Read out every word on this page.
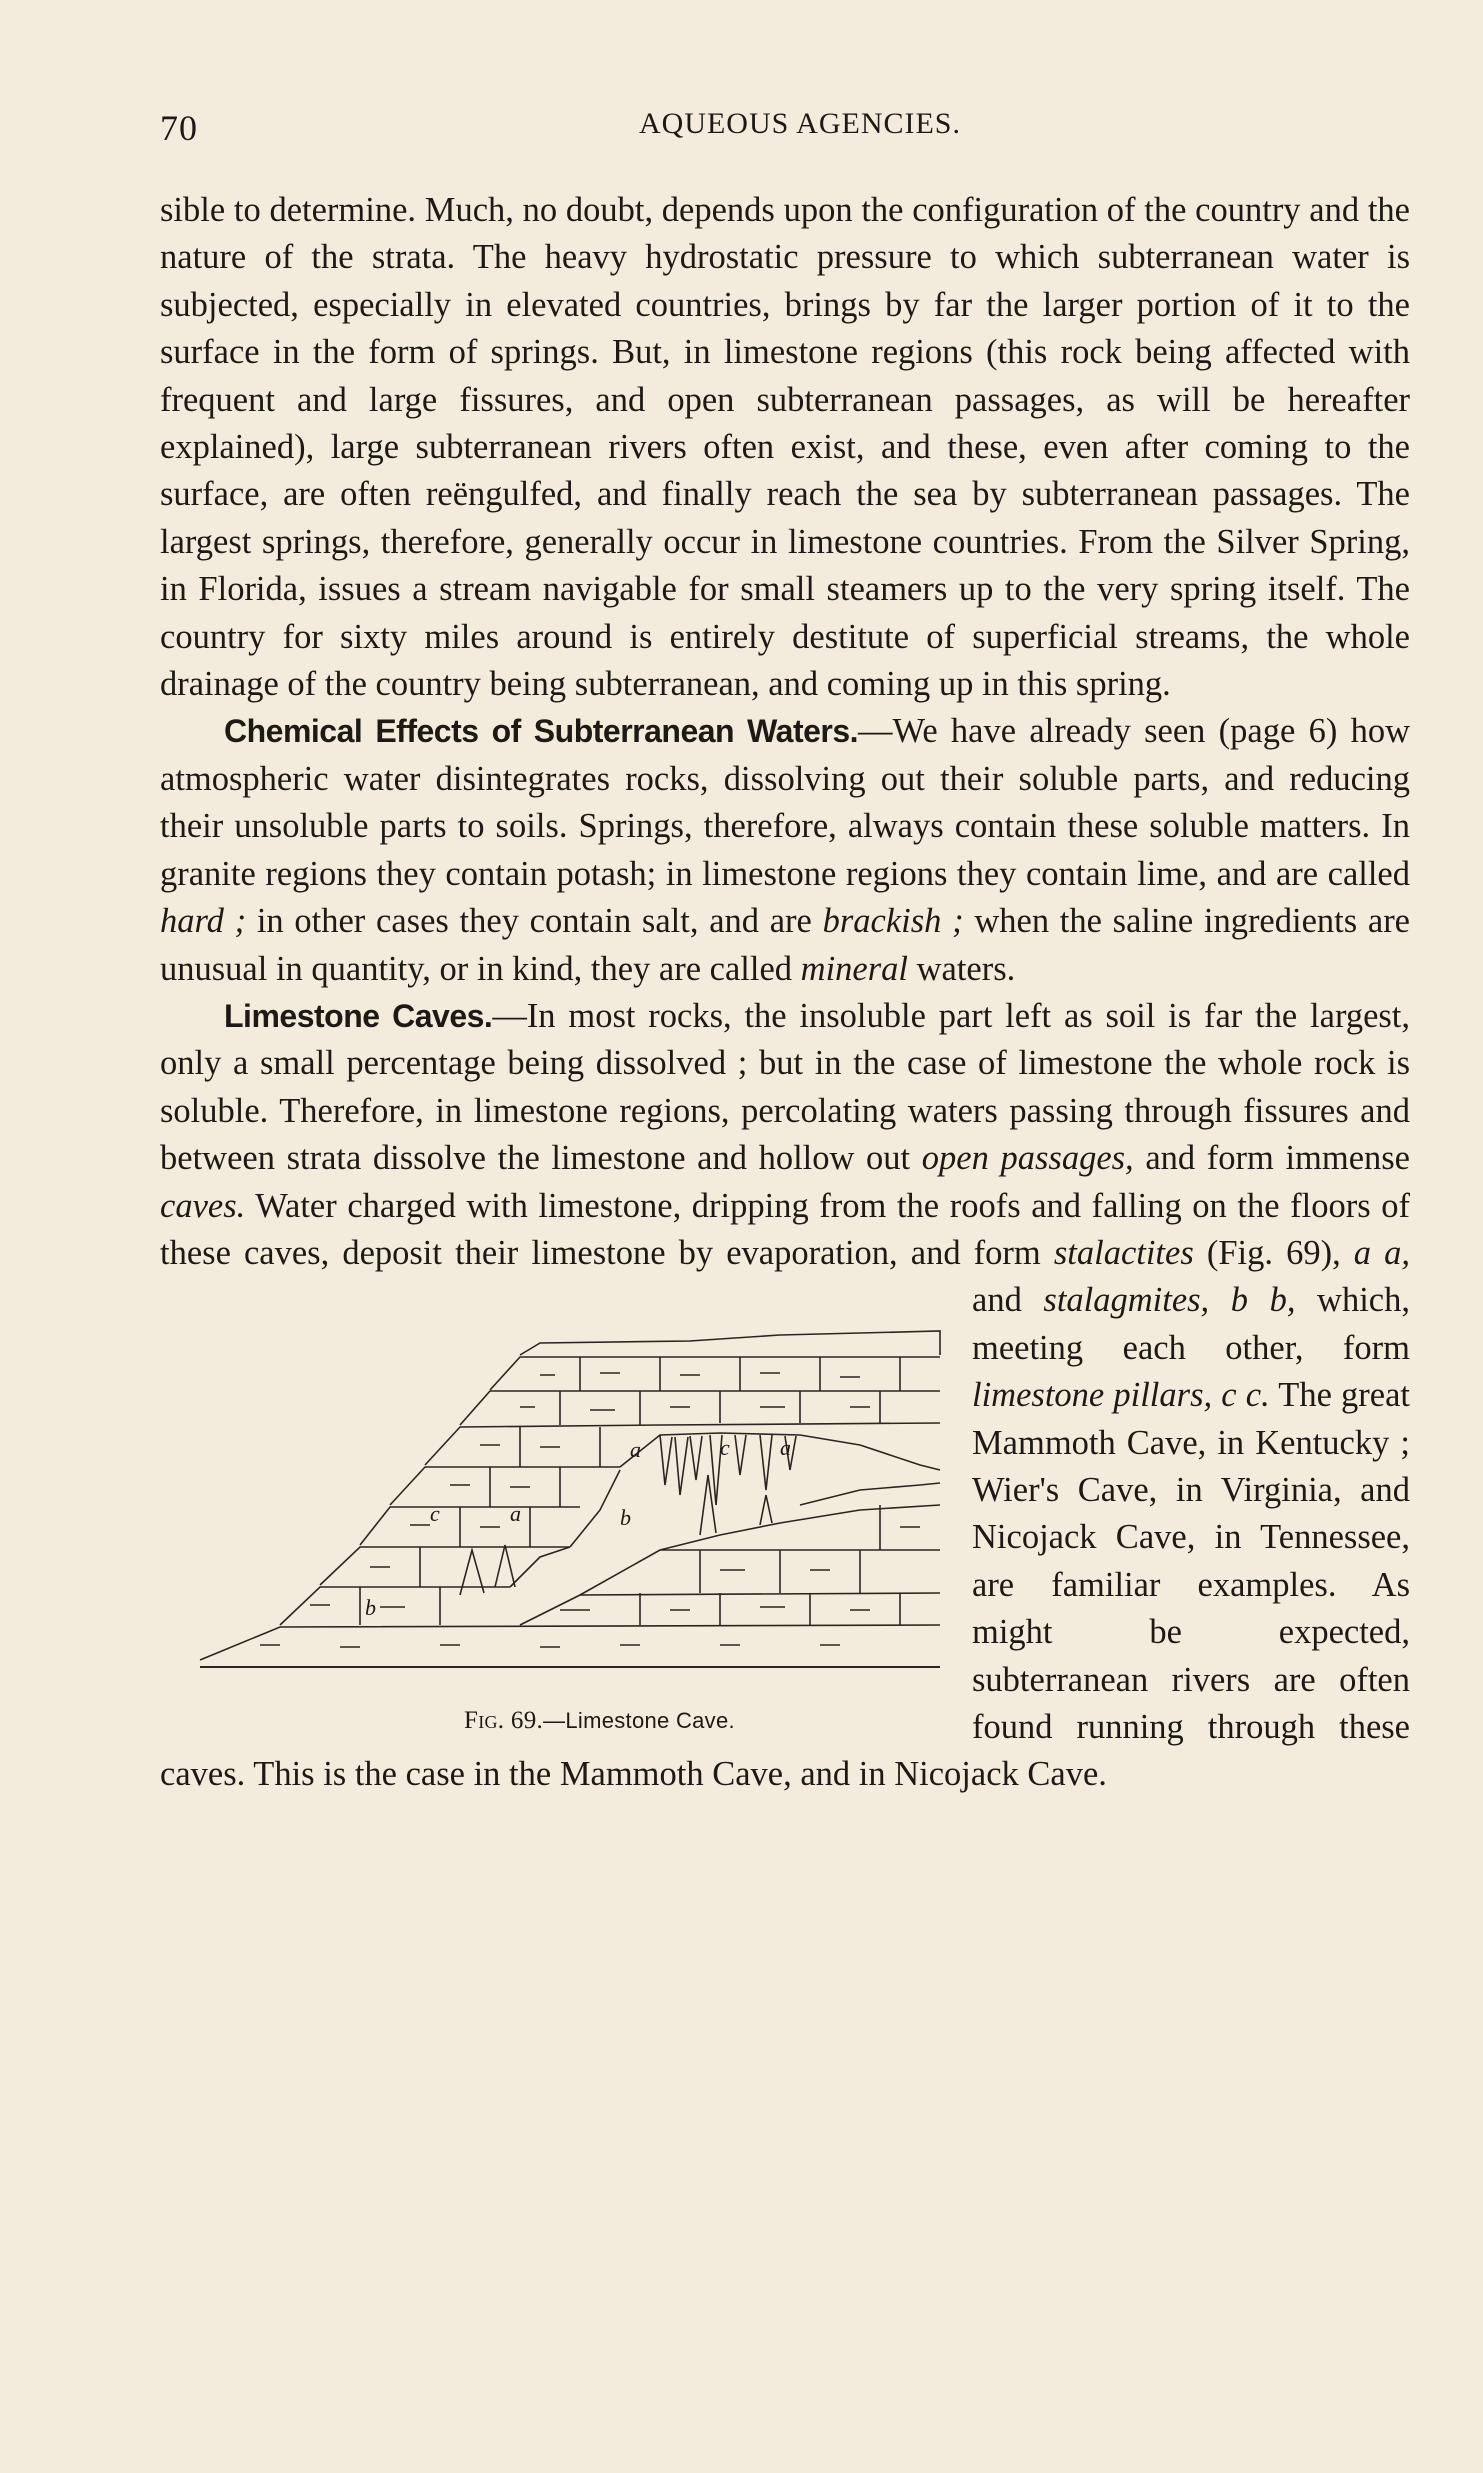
70	AQUEOUS AGENCIES.

sible to determine. Much, no doubt, depends upon the configuration of the country and the nature of the strata. The heavy hydrostatic pressure to which subterranean water is subjected, especially in elevated countries, brings by far the larger portion of it to the surface in the form of springs. But, in limestone regions (this rock being affected with frequent and large fissures, and open subterranean passages, as will be hereafter explained), large subterranean rivers often exist, and these, even after coming to the surface, are often reëngulfed, and finally reach the sea by subterranean passages. The largest springs, therefore, generally occur in limestone countries. From the Silver Spring, in Florida, issues a stream navigable for small steamers up to the very spring itself. The country for sixty miles around is entirely destitute of superficial streams, the whole drainage of the country being subterranean, and coming up in this spring.

Chemical Effects of Subterranean Waters.—We have already seen (page 6) how atmospheric water disintegrates rocks, dissolving out their soluble parts, and reducing their unsoluble parts to soils. Springs, therefore, always contain these soluble matters. In granite regions they contain potash; in limestone regions they contain lime, and are called hard ; in other cases they contain salt, and are brackish ; when the saline ingredients are unusual in quantity, or in kind, they are called mineral waters.

Limestone Caves.—In most rocks, the insoluble part left as soil is far the largest, only a small percentage being dissolved ; but in the case of limestone the whole rock is soluble. Therefore, in limestone regions, percolating waters passing through fissures and between strata dissolve the limestone and hollow out open passages, and form immense caves. Water charged with limestone, dripping from the roofs and falling on the floors of these caves, deposit their limestone by evaporation, and form
a	c a
c	a	b
b
Fig. 69.—Limestone Cave.
stalactites (Fig. 69), a a, and stalagmites, b b, which, meeting each other, form limestone pillars, c c. The great Mammoth Cave, in Kentucky ; Wier's Cave, in Virginia, and Nicojack Cave, in Tennessee, are familiar examples. As might be expected, subterranean rivers are often found running through these caves. This is the case in the Mammoth Cave, and in Nicojack Cave.
